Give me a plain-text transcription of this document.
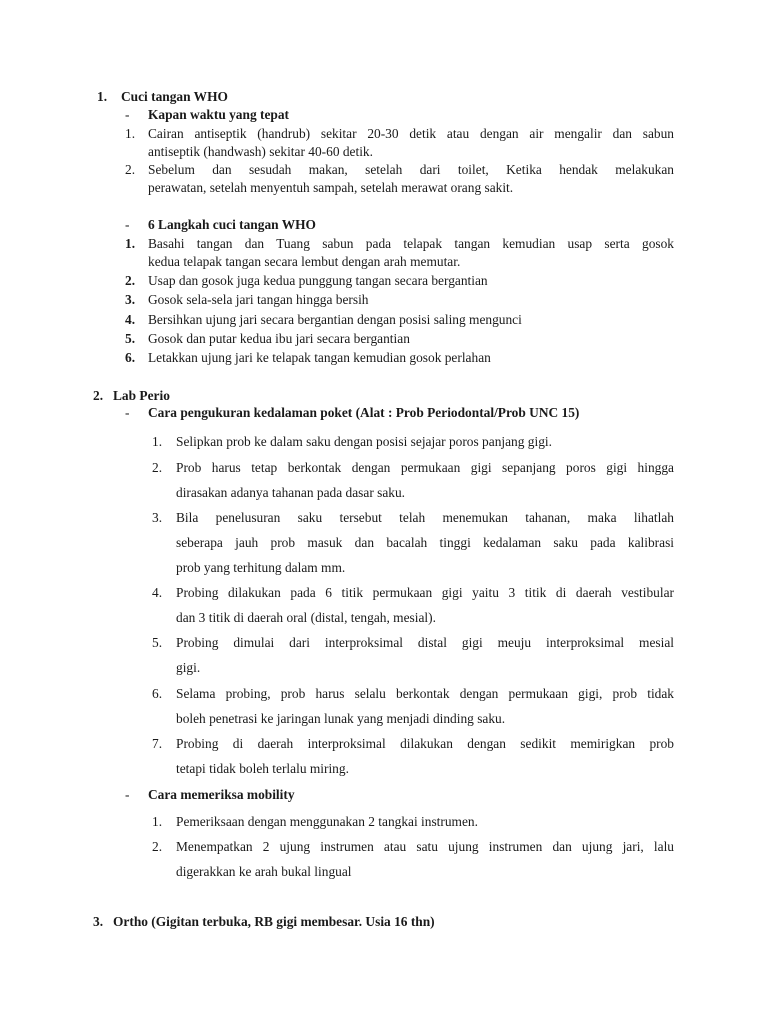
1. Cuci tangan WHO
- Kapan waktu yang tepat
1. Cairan antiseptik (handrub) sekitar 20-30 detik atau dengan air mengalir dan sabun
antiseptik (handwash) sekitar 40-60 detik.
2. Sebelum dan sesudah makan, setelah dari toilet, Ketika hendak melakukan
perawatan, setelah menyentuh sampah, setelah merawat orang sakit.
- 6 Langkah cuci tangan WHO
1. Basahi tangan dan Tuang sabun pada telapak tangan kemudian usap serta gosok
kedua telapak tangan secara lembut dengan arah memutar.
2. Usap dan gosok juga kedua punggung tangan secara bergantian
3. Gosok sela-sela jari tangan hingga bersih
4. Bersihkan ujung jari secara bergantian dengan posisi saling mengunci
5. Gosok dan putar kedua ibu jari secara bergantian
6. Letakkan ujung jari ke telapak tangan kemudian gosok perlahan
2. Lab Perio
- Cara pengukuran kedalaman poket (Alat : Prob Periodontal/Prob UNC 15)
1. Selipkan prob ke dalam saku dengan posisi sejajar poros panjang gigi.
2. Prob harus tetap berkontak dengan permukaan gigi sepanjang poros gigi hingga
dirasakan adanya tahanan pada dasar saku.
3. Bila penelusuran saku tersebut telah menemukan tahanan, maka lihatlah
seberapa jauh prob masuk dan bacalah tinggi kedalaman saku pada kalibrasi
prob yang terhitung dalam mm.
4. Probing dilakukan pada 6 titik permukaan gigi yaitu 3 titik di daerah vestibular
dan 3 titik di daerah oral (distal, tengah, mesial).
5. Probing dimulai dari interproksimal distal gigi meuju interproksimal mesial
gigi.
6. Selama probing, prob harus selalu berkontak dengan permukaan gigi, prob tidak
boleh penetrasi ke jaringan lunak yang menjadi dinding saku.
7. Probing di daerah interproksimal dilakukan dengan sedikit memirigkan prob
tetapi tidak boleh terlalu miring.
- Cara memeriksa mobility
1. Pemeriksaan dengan menggunakan 2 tangkai instrumen.
2. Menempatkan 2 ujung instrumen atau satu ujung instrumen dan ujung jari, lalu
digerakkan ke arah bukal lingual
3. Ortho (Gigitan terbuka, RB gigi membesar. Usia 16 thn)
